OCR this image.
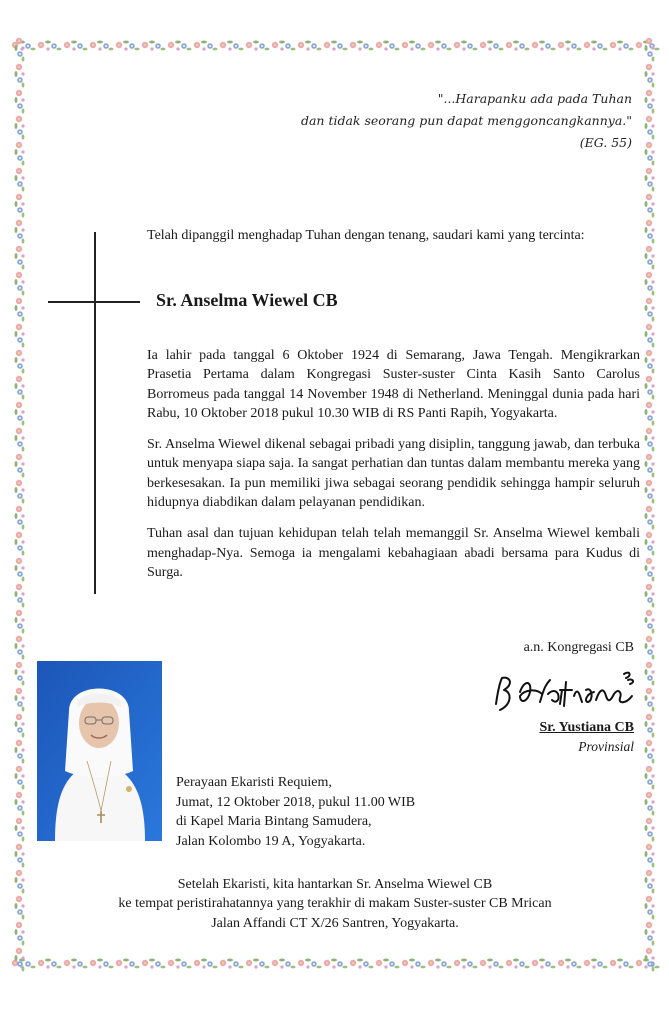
"...Harapanku ada pada Tuhan
dan tidak seorang pun dapat menggoncangkannya."
(EG. 55)
Telah dipanggil menghadap Tuhan dengan tenang, saudari kami yang tercinta:
Sr. Anselma Wiewel CB

Ia lahir pada tanggal 6 Oktober 1924 di Semarang, Jawa Tengah. Mengikrarkan Prasetia Pertama dalam Kongregasi Suster-suster Cinta Kasih Santo Carolus Borromeus pada tanggal 14 November 1948 di Netherland. Meninggal dunia pada hari Rabu, 10 Oktober 2018 pukul 10.30 WIB di RS Panti Rapih, Yogyakarta.

Sr. Anselma Wiewel dikenal sebagai pribadi yang disiplin, tanggung jawab, dan terbuka untuk menyapa siapa saja. Ia sangat perhatian dan tuntas dalam membantu mereka yang berkesesakan. Ia pun memiliki jiwa sebagai seorang pendidik sehingga hampir seluruh hidupnya diabdikan dalam pelayanan pendidikan.

Tuhan asal dan tujuan kehidupan telah telah memanggil Sr. Anselma Wiewel kembali menghadap-Nya. Semoga ia mengalami kebahagiaan abadi bersama para Kudus di Surga.

a.n. Kongregasi CB
Sr. Yustiana CB
Provinsial
Perayaan Ekaristi Requiem,
Jumat, 12 Oktober 2018, pukul 11.00 WIB
di Kapel Maria Bintang Samudera,
Jalan Kolombo 19 A, Yogyakarta.
Setelah Ekaristi, kita hantarkan Sr. Anselma Wiewel CB
ke tempat peristirahatannya yang terakhir di makam Suster-suster CB Mrican
Jalan Affandi CT X/26 Santren, Yogyakarta.
